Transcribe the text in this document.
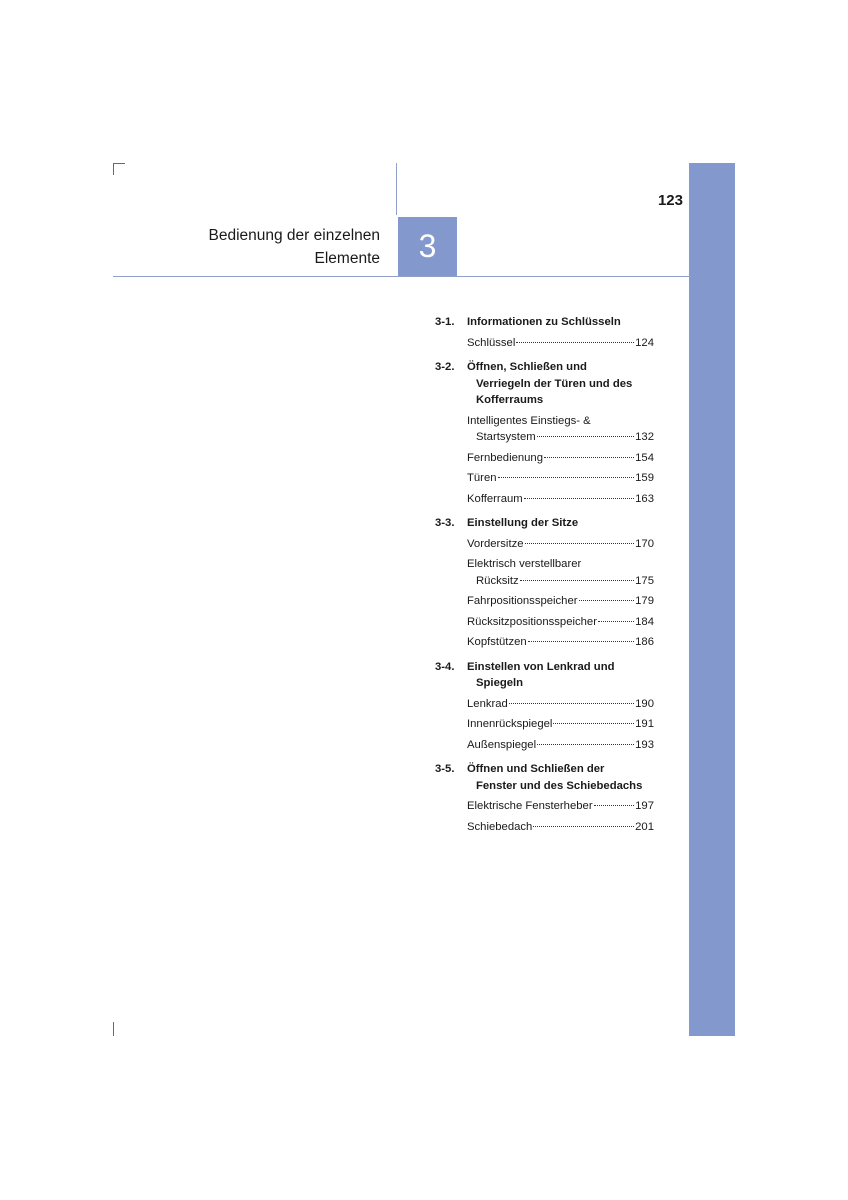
123
Bedienung der einzelnen
Elemente	3
3-1.	Informationen zu Schlüsseln
Schlüssel	124
3-2.	Öffnen, Schließen und
Verriegeln der Türen und des
Kofferraums
Intelligentes Einstiegs- &
Startsystem	132
Fernbedienung	154
Türen	159
Kofferraum	163
3-3.	Einstellung der Sitze
Vordersitze	170
Elektrisch verstellbarer
Rücksitz	175
Fahrpositionsspeicher	179
Rücksitzpositionsspeicher	184
Kopfstützen	186
3-4.	Einstellen von Lenkrad und
Spiegeln
Lenkrad	190
Innenrückspiegel	191
Außenspiegel	193
3-5.	Öffnen und Schließen der
Fenster und des Schiebedachs
Elektrische Fensterheber	197
Schiebedach	201
